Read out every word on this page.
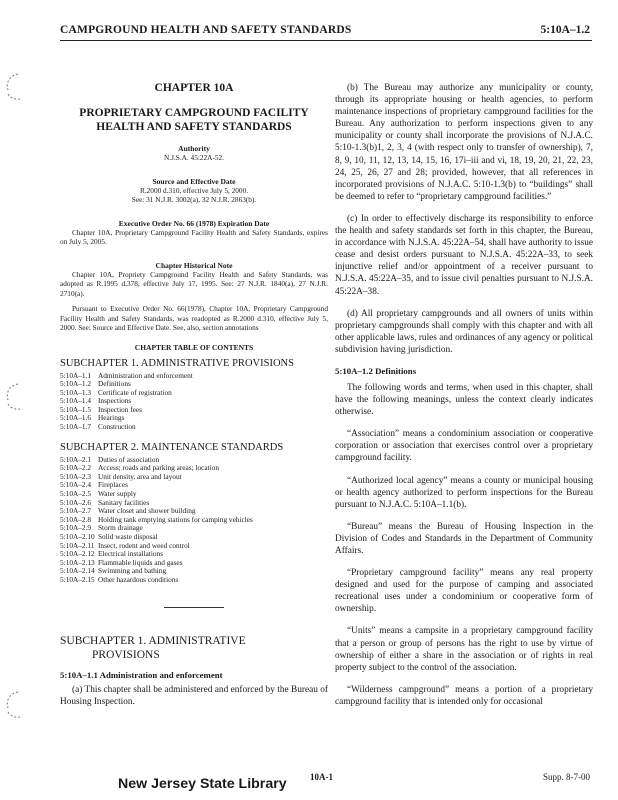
CAMPGROUND HEALTH AND SAFETY STANDARDS	5:10A–1.2
CHAPTER 10A
PROPRIETARY CAMPGROUND FACILITY
HEALTH AND SAFETY STANDARDS
Authority
N.J.S.A. 45:22A-52.
Source and Effective Date
R.2000 d.310, effective July 5, 2000.
See: 31 N.J.R. 3002(a), 32 N.J.R. 2863(b).
Executive Order No. 66 (1978) Expiration Date

Chapter 10A, Proprietary Campground Facility Health and Safety Standards, expires on July 5, 2005.

Chapter Historical Note

Chapter 10A, Propriety Campground Facility Health and Safety Standards, was adopted as R.1995 d.378, effective July 17, 1995. See: 27 N.J.R. 1840(a), 27 N.J.R. 2710(a).

Pursuant to Executive Order No. 66(1978), Chapter 10A, Proprietary Campground Facility Health and Safety Standards, was readopted as R.2000 d.310, effective July 5, 2000. See: Source and Effective Date. See, also, section annotations

CHAPTER TABLE OF CONTENTS
SUBCHAPTER 1. ADMINISTRATIVE PROVISIONS
5:10A–1.1 Administration and enforcement
5:10A–1.2 Definitions
5:10A–1.3 Certificate of registration
5:10A–1.4 Inspections
5:10A–1.5 Inspection fees
5:10A–1.6 Hearings
5:10A–1.7 Construction
SUBCHAPTER 2. MAINTENANCE STANDARDS
5:10A–2.1 Duties of association
5:10A–2.2 Access; roads and parking areas; location
5:10A–2.3 Unit density, area and layout
5:10A–2.4 Fireplaces
5:10A–2.5 Water supply
5:10A–2.6 Sanitary facilities
5:10A–2.7 Water closet and shower building
5:10A–2.8 Holding tank emptying stations for camping vehicles
5:10A–2.9 Storm drainage
5:10A–2.10 Solid waste disposal
5:10A–2.11 Insect, rodent and weed control
5:10A–2.12 Electrical installations
5:10A–2.13 Flammable liquids and gases
5:10A–2.14 Swimming and bathing
5:10A–2.15 Other hazardous conditions
SUBCHAPTER 1. ADMINISTRATIVE
PROVISIONS
5:10A–1.1 Administration and enforcement

(a) This chapter shall be administered and enforced by the Bureau of Housing Inspection.

(b) The Bureau may authorize any municipality or county, through its appropriate housing or health agencies, to perform maintenance inspections of proprietary campground facilities for the Bureau. Any authorization to perform inspections given to any municipality or county shall incorporate the provisions of N.J.A.C. 5:10-1.3(b)1, 2, 3, 4 (with respect only to transfer of ownership), 7, 8, 9, 10, 11, 12, 13, 14, 15, 16, 17i–iii and vi, 18, 19, 20, 21, 22, 23, 24, 25, 26, 27 and 28; provided, however, that all references in incorporated provisions of N.J.A.C. 5:10-1.3(b) to “buildings” shall be deemed to refer to “proprietary campground facilities.”

(c) In order to effectively discharge its responsibility to enforce the health and safety standards set forth in this chapter, the Bureau, in accordance with N.J.S.A. 45:22A–54, shall have authority to issue cease and desist orders pursuant to N.J.S.A. 45:22A–33, to seek injunctive relief and/or appointment of a receiver pursuant to N.J.S.A. 45:22A–35, and to issue civil penalties pursuant to N.J.S.A. 45:22A–38.

(d) All proprietary campgrounds and all owners of units within proprietary campgrounds shall comply with this chapter and with all other applicable laws, rules and ordinances of any agency or political subdivision having jurisdiction.

5:10A–1.2 Definitions

The following words and terms, when used in this chapter, shall have the following meanings, unless the context clearly indicates otherwise.

“Association” means a condominium association or cooperative corporation or association that exercises control over a proprietary campground facility.

“Authorized local agency” means a county or municipal housing or health agency authorized to perform inspections for the Bureau pursuant to N.J.A.C. 5:10A–1.1(b).

“Bureau” means the Bureau of Housing Inspection in the Division of Codes and Standards in the Department of Community Affairs.

“Proprietary campground facility” means any real property designed and used for the purpose of camping and associated recreational uses under a condominium or cooperative form of ownership.

“Units” means a campsite in a proprietary campground facility that a person or group of persons has the right to use by virtue of ownership of either a share in the association or of rights in real property subject to the control of the association.

“Wilderness campground” means a portion of a proprietary campground facility that is intended only for occasional

New Jersey State Library	10A-1	Supp. 8-7-00
